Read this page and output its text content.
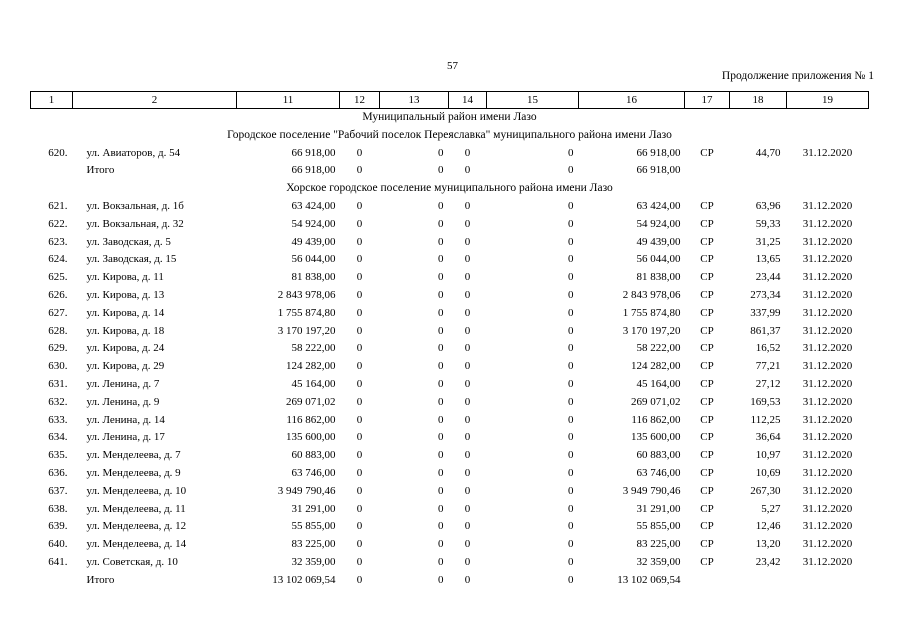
57
Продолжение приложения № 1
1	2	11	12	13	14	15	16	17	18	19
Муниципальный район имени Лазо										
Городское поселение "Рабочий поселок Переяславка" муниципального района имени Лазо										
620.	ул. Авиаторов, д. 54	66 918,00	0	0	0	0	66 918,00	СР	44,70	31.12.2020
	Итого	66 918,00	0	0	0	0	66 918,00			
Хорское городское поселение муниципального района имени Лазо										
621.	ул. Вокзальная, д. 1б	63 424,00	0	0	0	0	63 424,00	СР	63,96	31.12.2020
622.	ул. Вокзальная, д. 32	54 924,00	0	0	0	0	54 924,00	СР	59,33	31.12.2020
623.	ул. Заводская, д. 5	49 439,00	0	0	0	0	49 439,00	СР	31,25	31.12.2020
624.	ул. Заводская, д. 15	56 044,00	0	0	0	0	56 044,00	СР	13,65	31.12.2020
625.	ул. Кирова, д. 11	81 838,00	0	0	0	0	81 838,00	СР	23,44	31.12.2020
626.	ул. Кирова, д. 13	2 843 978,06	0	0	0	0	2 843 978,06	СР	273,34	31.12.2020
627.	ул. Кирова, д. 14	1 755 874,80	0	0	0	0	1 755 874,80	СР	337,99	31.12.2020
628.	ул. Кирова, д. 18	3 170 197,20	0	0	0	0	3 170 197,20	СР	861,37	31.12.2020
629.	ул. Кирова, д. 24	58 222,00	0	0	0	0	58 222,00	СР	16,52	31.12.2020
630.	ул. Кирова, д. 29	124 282,00	0	0	0	0	124 282,00	СР	77,21	31.12.2020
631.	ул. Ленина, д. 7	45 164,00	0	0	0	0	45 164,00	СР	27,12	31.12.2020
632.	ул. Ленина, д. 9	269 071,02	0	0	0	0	269 071,02	СР	169,53	31.12.2020
633.	ул. Ленина, д. 14	116 862,00	0	0	0	0	116 862,00	СР	112,25	31.12.2020
634.	ул. Ленина, д. 17	135 600,00	0	0	0	0	135 600,00	СР	36,64	31.12.2020
635.	ул. Менделеева, д. 7	60 883,00	0	0	0	0	60 883,00	СР	10,97	31.12.2020
636.	ул. Менделеева, д. 9	63 746,00	0	0	0	0	63 746,00	СР	10,69	31.12.2020
637.	ул. Менделеева, д. 10	3 949 790,46	0	0	0	0	3 949 790,46	СР	267,30	31.12.2020
638.	ул. Менделеева, д. 11	31 291,00	0	0	0	0	31 291,00	СР	5,27	31.12.2020
639.	ул. Менделеева, д. 12	55 855,00	0	0	0	0	55 855,00	СР	12,46	31.12.2020
640.	ул. Менделеева, д. 14	83 225,00	0	0	0	0	83 225,00	СР	13,20	31.12.2020
641.	ул. Советская, д. 10	32 359,00	0	0	0	0	32 359,00	СР	23,42	31.12.2020
	Итого	13 102 069,54	0	0	0	0	13 102 069,54			
